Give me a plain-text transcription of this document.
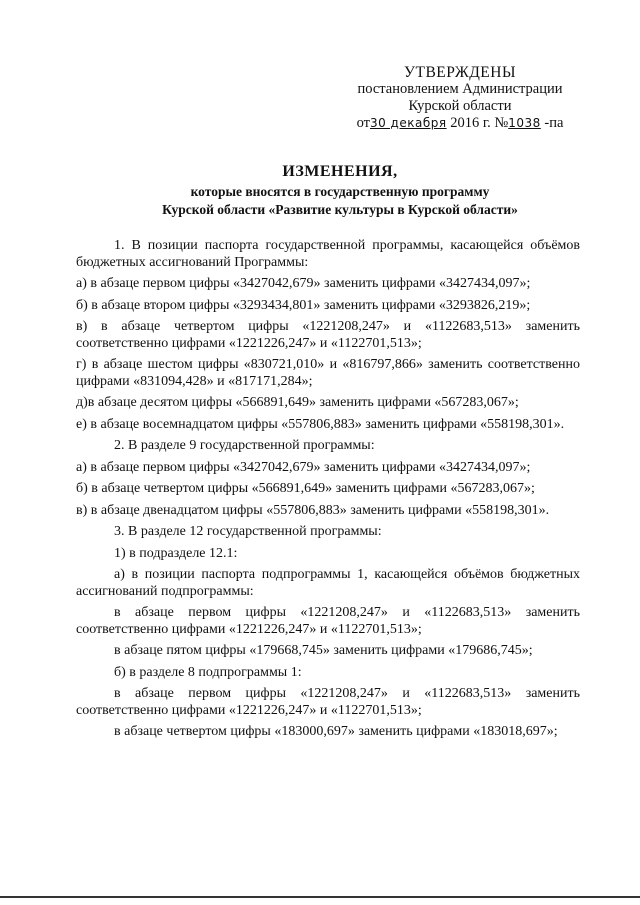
УТВЕРЖДЕНЫ
постановлением Администрации
Курской области
от30 декабря 2016 г. №1038 -па
ИЗМЕНЕНИЯ,
которые вносятся в государственную программу
Курской области «Развитие культуры в Курской области»

1. В позиции паспорта государственной программы, касающейся объёмов бюджетных ассигнований Программы:

а) в абзаце первом цифры «3427042,679» заменить цифрами «3427434,097»;

б) в абзаце втором цифры «3293434,801» заменить цифрами «3293826,219»;

в) в абзаце четвертом цифры «1221208,247» и «1122683,513» заменить соответственно цифрами «1221226,247» и «1122701,513»;

г) в абзаце шестом цифры «830721,010» и «816797,866» заменить соответственно цифрами «831094,428» и «817171,284»;

д)в абзаце десятом цифры «566891,649» заменить цифрами «567283,067»;

е) в абзаце восемнадцатом цифры «557806,883» заменить цифрами «558198,301».

2. В разделе 9 государственной программы:

а) в абзаце первом цифры «3427042,679» заменить цифрами «3427434,097»;

б) в абзаце четвертом цифры «566891,649» заменить цифрами «567283,067»;

в) в абзаце двенадцатом цифры «557806,883» заменить цифрами «558198,301».

3. В разделе 12 государственной программы:

1) в подразделе 12.1:

а) в позиции паспорта подпрограммы 1, касающейся объёмов бюджетных ассигнований подпрограммы:

в абзаце первом цифры «1221208,247» и «1122683,513» заменить соответственно цифрами «1221226,247» и «1122701,513»;

в абзаце пятом цифры «179668,745» заменить цифрами «179686,745»;

б) в разделе 8 подпрограммы 1:

в абзаце первом цифры «1221208,247» и «1122683,513» заменить соответственно цифрами «1221226,247» и «1122701,513»;

в абзаце четвертом цифры «183000,697» заменить цифрами «183018,697»;
